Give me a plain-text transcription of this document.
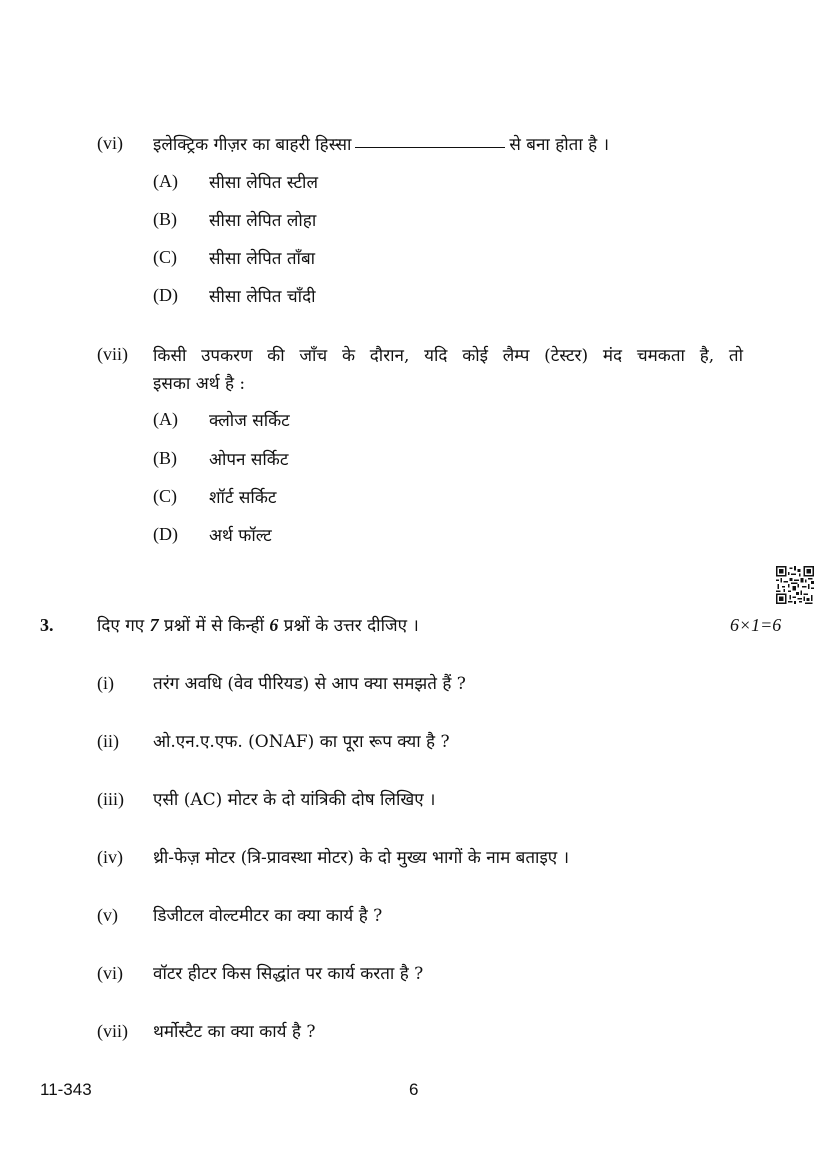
(vi) इलेक्ट्रिक गीज़र का बाहरी हिस्सा	से बना होता है ।
(A) सीसा लेपित स्टील
(B) सीसा लेपित लोहा
(C) सीसा लेपित ताँबा
(D) सीसा लेपित चाँदी
(vii) किसी उपकरण की जाँच के दौरान, यदि कोई लैम्प (टेस्टर) मंद चमकता है, तो
इसका अर्थ है :
(A) क्लोज सर्किट
(B) ओपन सर्किट
(C) शॉर्ट सर्किट
(D) अर्थ फॉल्ट
3.	दिए गए 7 प्रश्नों में से किन्हीं 6 प्रश्नों के उत्तर दीजिए ।	6×1=6
(i) तरंग अवधि (वेव पीरियड) से आप क्या समझते हैं ?
(ii) ओ.एन.ए.एफ. (ONAF) का पूरा रूप क्या है ?
(iii) एसी (AC) मोटर के दो यांत्रिकी दोष लिखिए ।
(iv) थ्री-फेज़ मोटर (त्रि-प्रावस्था मोटर) के दो मुख्य भागों के नाम बताइए ।
(v) डिजीटल वोल्टमीटर का क्या कार्य है ?
(vi) वॉटर हीटर किस सिद्धांत पर कार्य करता है ?
(vii) थर्मोस्टैट का क्या कार्य है ?
11-343	6
